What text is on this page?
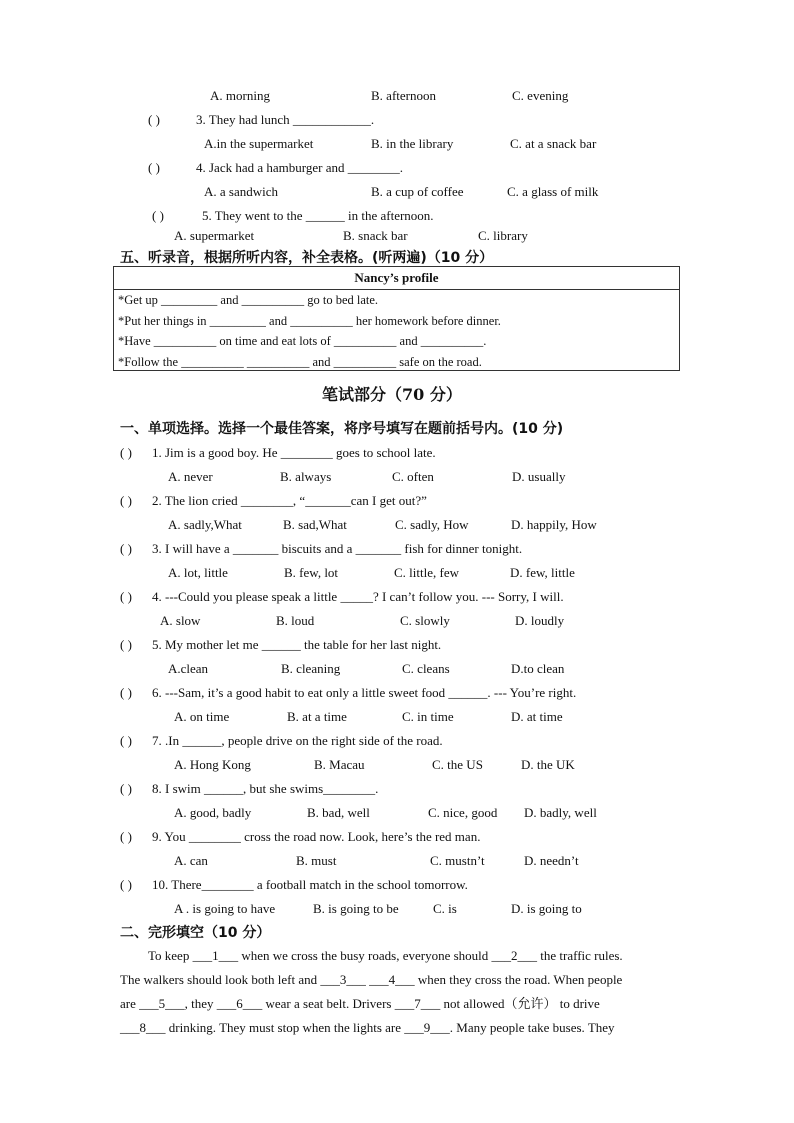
A. morning	B. afternoon	C. evening
( )	3. They had lunch ____________.
A.in the supermarket	B. in the library	C. at a snack bar
( )	4. Jack had a hamburger and ________.
A. a sandwich	B. a cup of coffee	C. a glass of milk
( )	5. They went to the ______ in the afternoon.
A. supermarket	B. snack bar	C. library
五、听录音，根据所听内容，补全表格。(听两遍)（10 分）
Nancy’s profile
*Get up _________ and __________ go to bed late.
*Put her things in _________ and __________ her homework before dinner.
*Have __________ on time and eat lots of __________ and __________.
*Follow the __________ __________ and __________ safe on the road.
笔试部分（70 分）
一、单项选择。选择一个最佳答案，将序号填写在题前括号内。(10 分)
( ) 1. Jim is a good boy. He ________ goes to school late.
A. never	B. always	C. often	D. usually
( ) 2. The lion cried ________, “_______can I get out?”
A. sadly,What	B. sad,What	C. sadly, How	D. happily, How
( ) 3. I will have a _______ biscuits and a _______ fish for dinner tonight.
A. lot, little	B. few, lot	C. little, few	D. few, little
( ) 4. ---Could you please speak a little _____? I can’t follow you. --- Sorry, I will.
A. slow	B. loud	C. slowly	D. loudly
( ) 5. My mother let me ______ the table for her last night.
A.clean	B. cleaning	C. cleans	D.to clean
( ) 6. ---Sam, it’s a good habit to eat only a little sweet food ______. --- You’re right.
A. on time	B. at a time	C. in time	D. at time
( ) 7. .In ______, people drive on the right side of the road.
A. Hong Kong	B. Macau	C. the US	D. the UK
( ) 8. I swim ______, but she swims________.
A. good, badly	B. bad, well	C. nice, good D. badly, well
( ) 9. You ________ cross the road now. Look, here’s the red man.
A. can	B. must	C. mustn’t	D. needn’t
( ) 10. There________ a football match in the school tomorrow.
A . is going to have	B. is going to be	C. is	D. is going to
二、完形填空（10 分）
To keep ___1___ when we cross the busy roads, everyone should ___2___ the traffic rules.
The walkers should look both left and ___3___ ___4___ when they cross the road. When people
are ___5___, they ___6___ wear a seat belt. Drivers ___7___ not allowed（允许） to drive
___8___ drinking. They must stop when the lights are ___9___. Many people take buses. They
